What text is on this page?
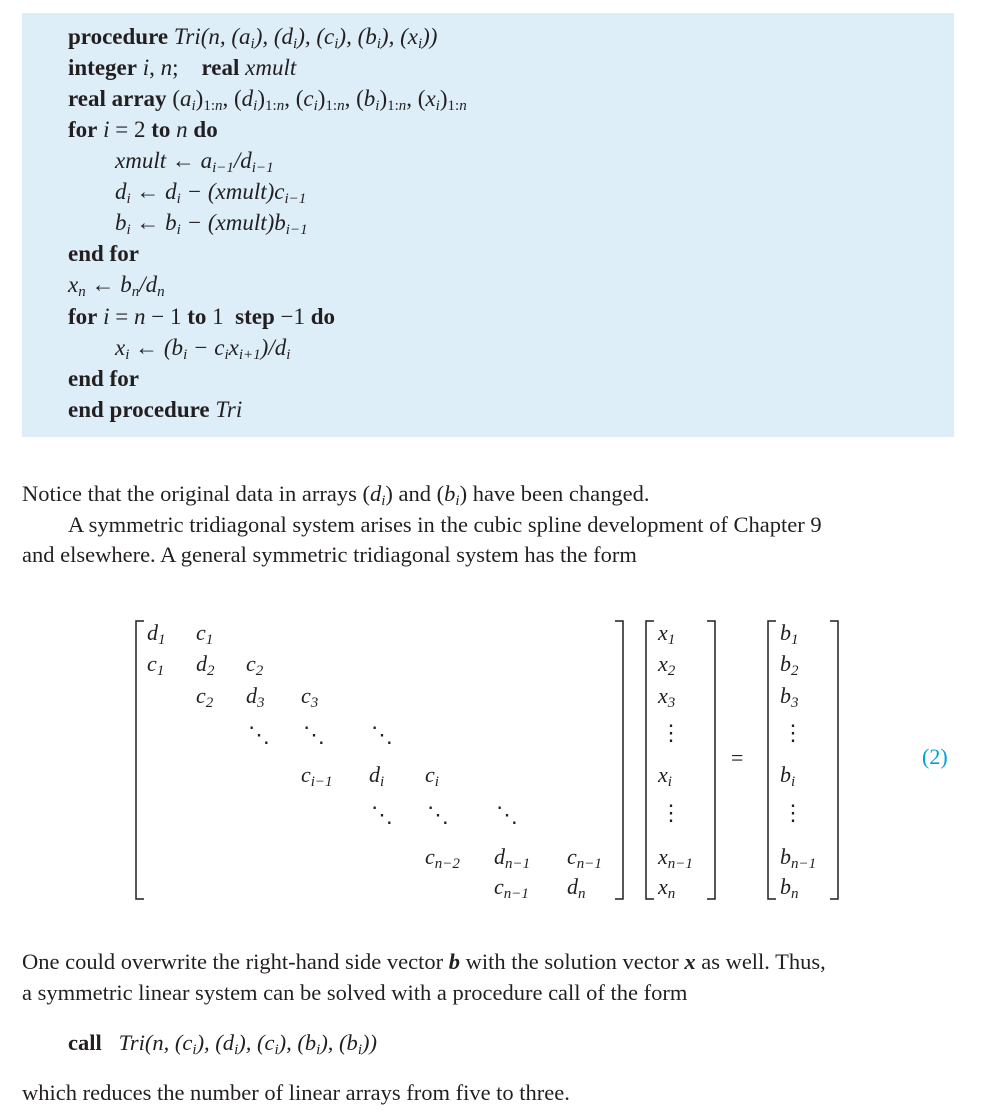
procedure Tri(n, $(a_i)$, $(d_i)$, $(c_i)$, $(b_i)$, $(x_i)$)
integer i, n;    real xmult
real array $(a_i)_{1:n}$, $(d_i)_{1:n}$, $(c_i)_{1:n}$, $(b_i)_{1:n}$, $(x_i)_{1:n}$
for i = 2 to n do
xmult ← $a_{i-1}/d_{i-1}$
$d_i$ ← $d_i$ − $(xmult)c_{i-1}$
$b_i$ ← $b_i$ − $(xmult)b_{i-1}$
end for
$x_n$ ← $b_n/d_n$
for i = n − 1 to 1  step −1 do
$x_i$ ← $(b_i - c_ix_{i+1})/d_i$
end for
end procedure Tri
Notice that the original data in arrays $(d_i)$ and $(b_i)$ have been changed.
A symmetric tridiagonal system arises in the cubic spline development of Chapter 9
and elsewhere. A general symmetric tridiagonal system has the form
$d_1$ $c_1$
$c_1$ $d_2$ $c_2$
$c_2$ $d_3$ $c_3$
⋱ ⋱ ⋱
$c_{i-1}$ $d_i$ $c_i$
⋱ ⋱ ⋱
$c_{n-2}$ $d_{n-1}$ $c_{n-1}$
$c_{n-1}$ $d_n$
$x_1$
$x_2$
$x_3$
⋮
$x_i$
⋮
$x_{n-1}$
$x_n$
=
$b_1$
$b_2$
$b_3$
⋮
$b_i$
⋮
$b_{n-1}$
$b_n$
(2)
One could overwrite the right-hand side vector b with the solution vector x as well. Thus,
a symmetric linear system can be solved with a procedure call of the form
call Tri(n, $(c_i)$, $(d_i)$, $(c_i)$, $(b_i)$, $(b_i)$)
which reduces the number of linear arrays from five to three.
